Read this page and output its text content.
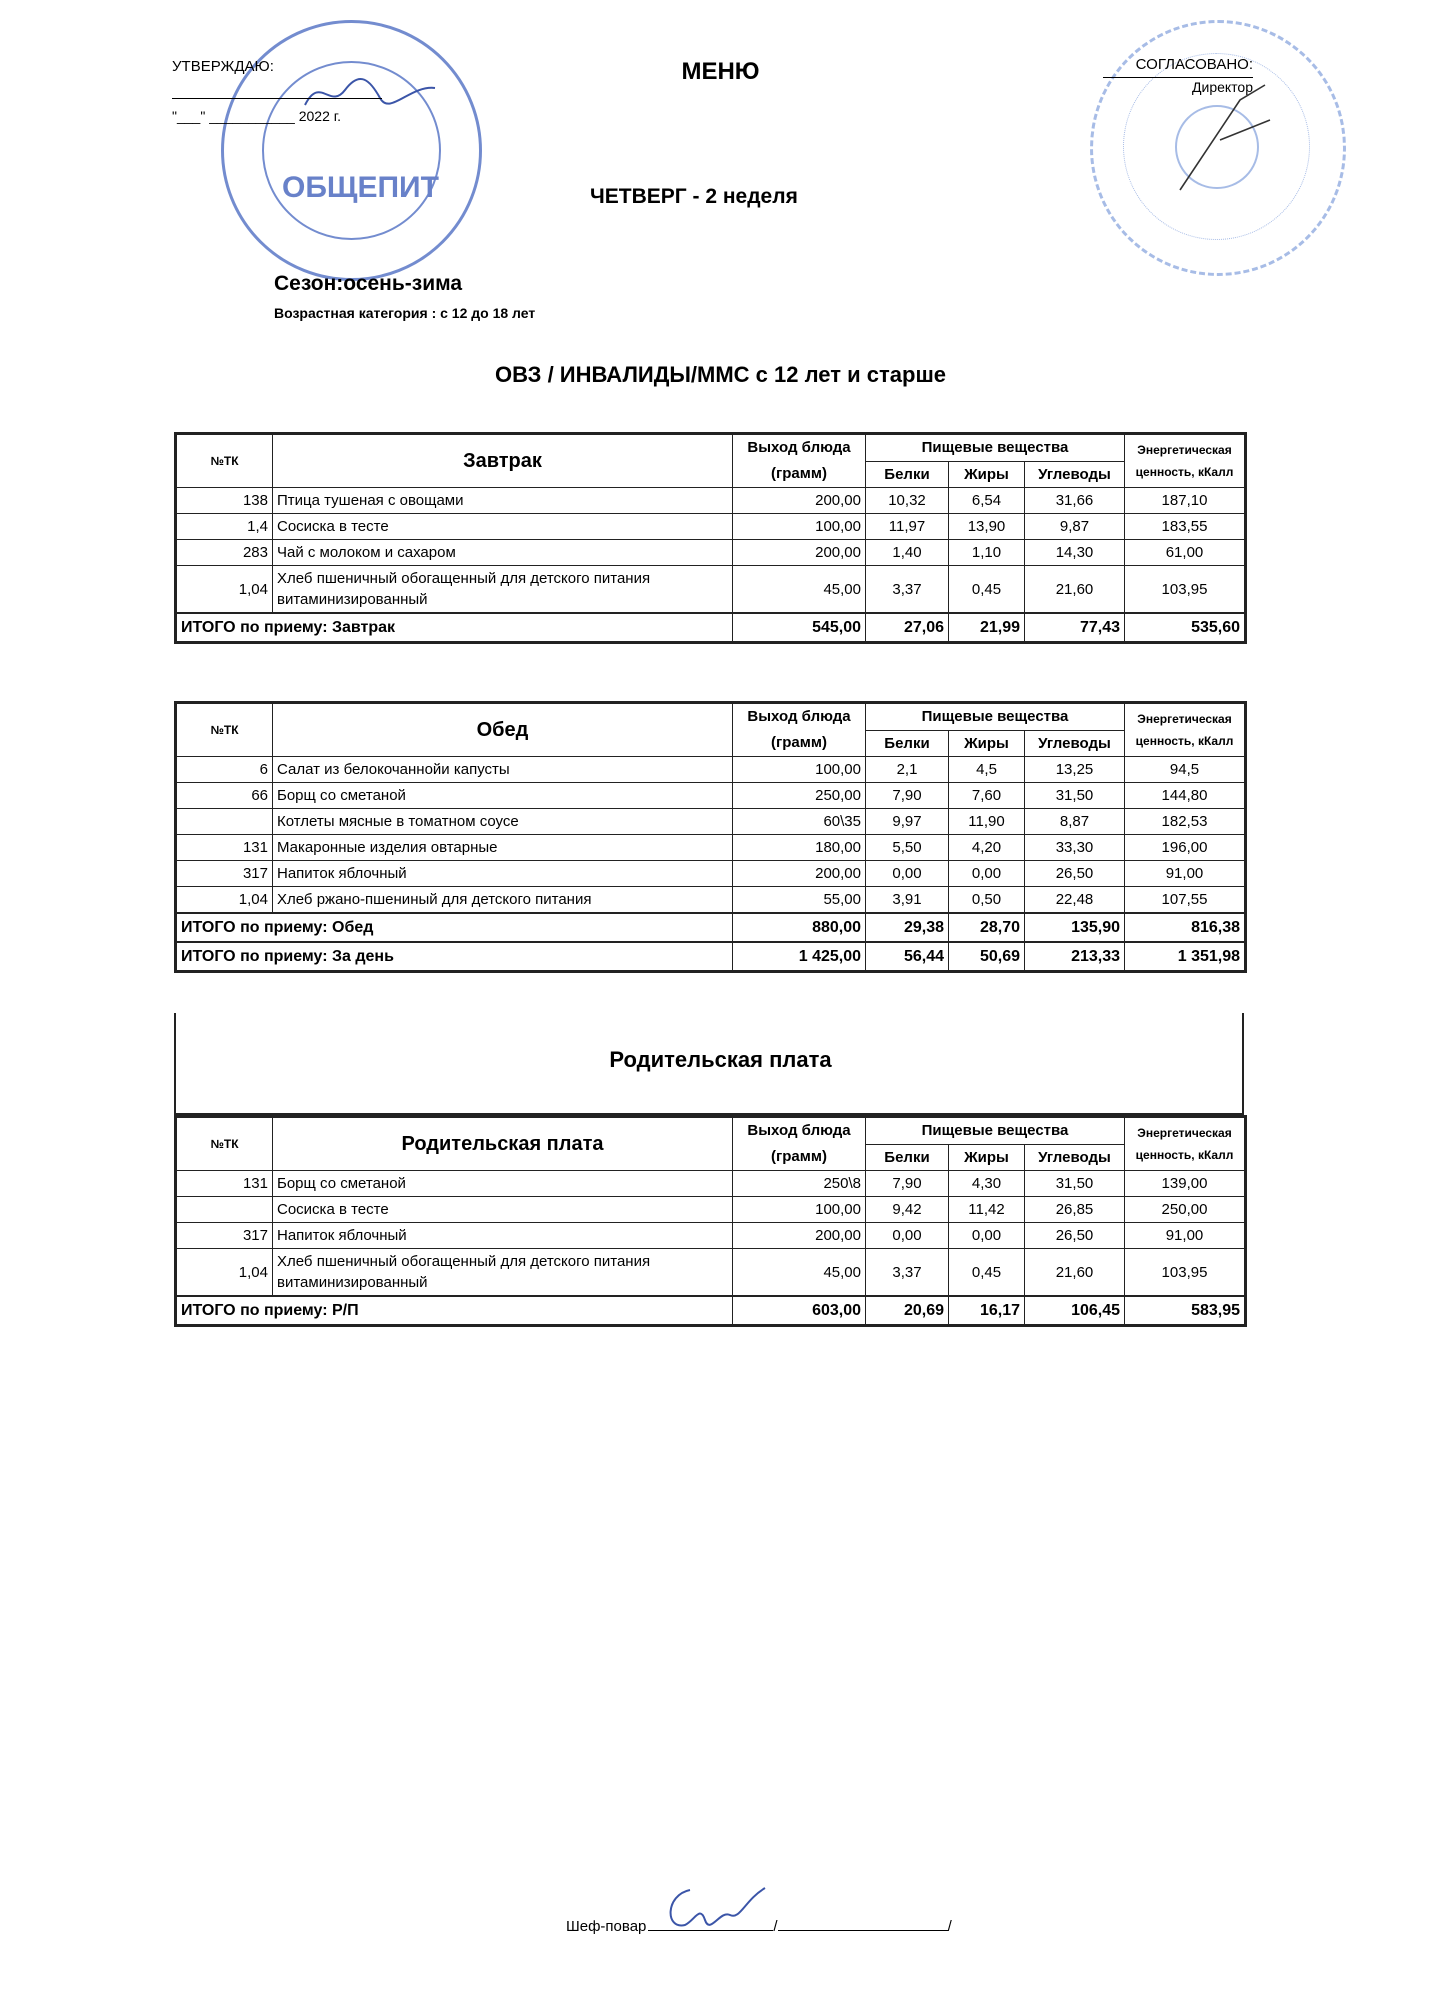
ОБЩЕПИТ
УТВЕРЖДАЮ:
"___" ___________ 2022 г.
СОГЛАСОВАНО:
Директор
МЕНЮ
ЧЕТВЕРГ - 2 неделя
Сезон:осень-зима
Возрастная категория : с 12 до 18 лет
ОВЗ / ИНВАЛИДЫ/ММС с 12 лет и старше
№ТК	Завтрак	Выход блюда (грамм)	Пищевые вещества			Энергетическая ценность, кКалл
			Белки	Жиры	Углеводы	
138	Птица тушеная с овощами	200,00	10,32	6,54	31,66	187,10
1,4	Сосиска в тесте	100,00	11,97	13,90	9,87	183,55
283	Чай с молоком и сахаром	200,00	1,40	1,10	14,30	61,00
1,04	Хлеб пшеничный обогащенный для детского питания витаминизированный	45,00	3,37	0,45	21,60	103,95
ИТОГО по приему: Завтрак		545,00	27,06	21,99	77,43	535,60
№ТК	Обед	Выход блюда (грамм)	Пищевые вещества			Энергетическая ценность, кКалл
			Белки	Жиры	Углеводы	
6	Салат из белокочаннойи капусты	100,00	2,1	4,5	13,25	94,5
66	Борщ со сметаной	250,00	7,90	7,60	31,50	144,80
	Котлеты мясные в томатном соусе	60\35	9,97	11,90	8,87	182,53
131	Макаронные изделия овтарные	180,00	5,50	4,20	33,30	196,00
317	Напиток яблочный	200,00	0,00	0,00	26,50	91,00
1,04	Хлеб ржано-пшениный для детского питания	55,00	3,91	0,50	22,48	107,55
ИТОГО по приему: Обед		880,00	29,38	28,70	135,90	816,38
ИТОГО по приему: За день		1 425,00	56,44	50,69	213,33	1 351,98
Родительская плата
№ТК	Родительская плата	Выход блюда (грамм)	Пищевые вещества			Энергетическая ценность, кКалл
			Белки	Жиры	Углеводы	
131	Борщ со сметаной	250\8	7,90	4,30	31,50	139,00
	Сосиска в тесте	100,00	9,42	11,42	26,85	250,00
317	Напиток яблочный	200,00	0,00	0,00	26,50	91,00
1,04	Хлеб пшеничный обогащенный для детского питания витаминизированный	45,00	3,37	0,45	21,60	103,95
ИТОГО по приему: Р/П		603,00	20,69	16,17	106,45	583,95
Шеф-повар	/	/
